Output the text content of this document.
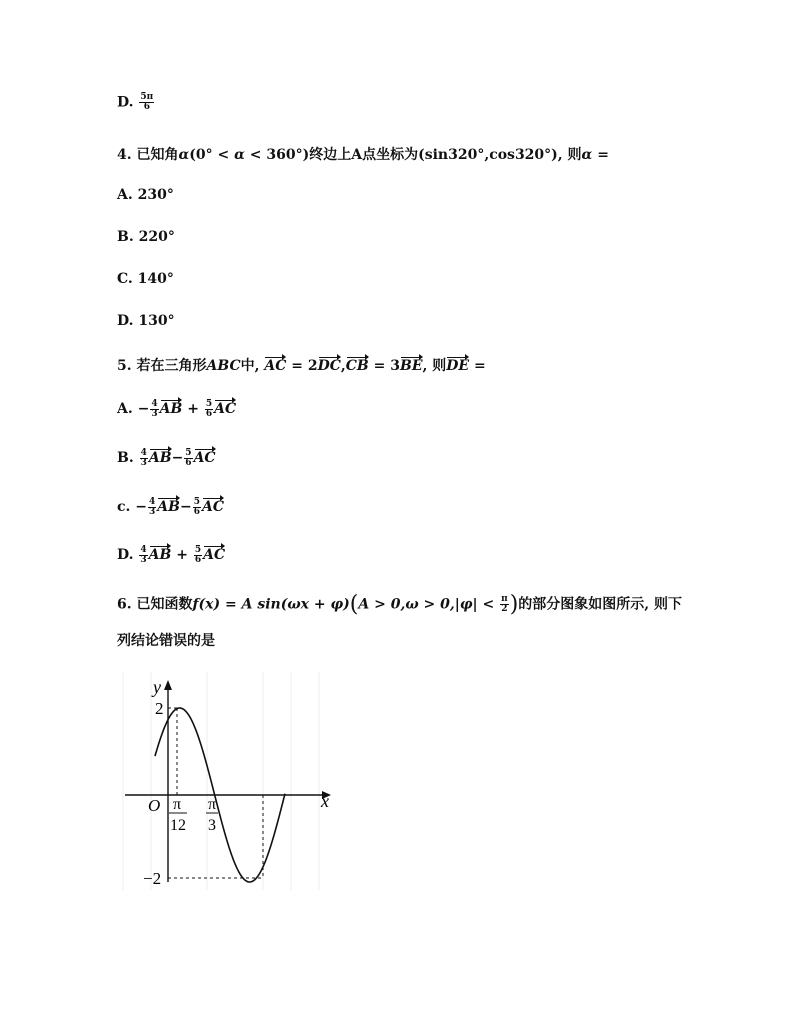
D. $\frac{5\pi}{6}$
4. 已知角α(0° < α < 360°)终边上A点坐标为(sin320°,cos320°), 则α =
A. 230°
B. 220°
C. 140°
D. 130°
5. 若在三角形ABC中, AC = 2DC,CB = 3BE, 则DE =
A. − $\frac{4}{3}$ AB + $\frac{5}{6}$ AC
B. $\frac{4}{3} AB- \frac{5}{6}$ AC
c. − $\frac{4}{3} AB- \frac{5}{6}$ AC
D. $\frac{4}{3}$ AB + $\frac{5}{6}$ AC
6. 已知函数f(x) = A $\sin(\omega x + \varphi)(A > 0,\omega > 0,|\varphi| < \frac{\pi}{2}$ )的部分图象如图所示, 则下
列结论错误的是
y
x
O
2
−2
π
12
π
3
